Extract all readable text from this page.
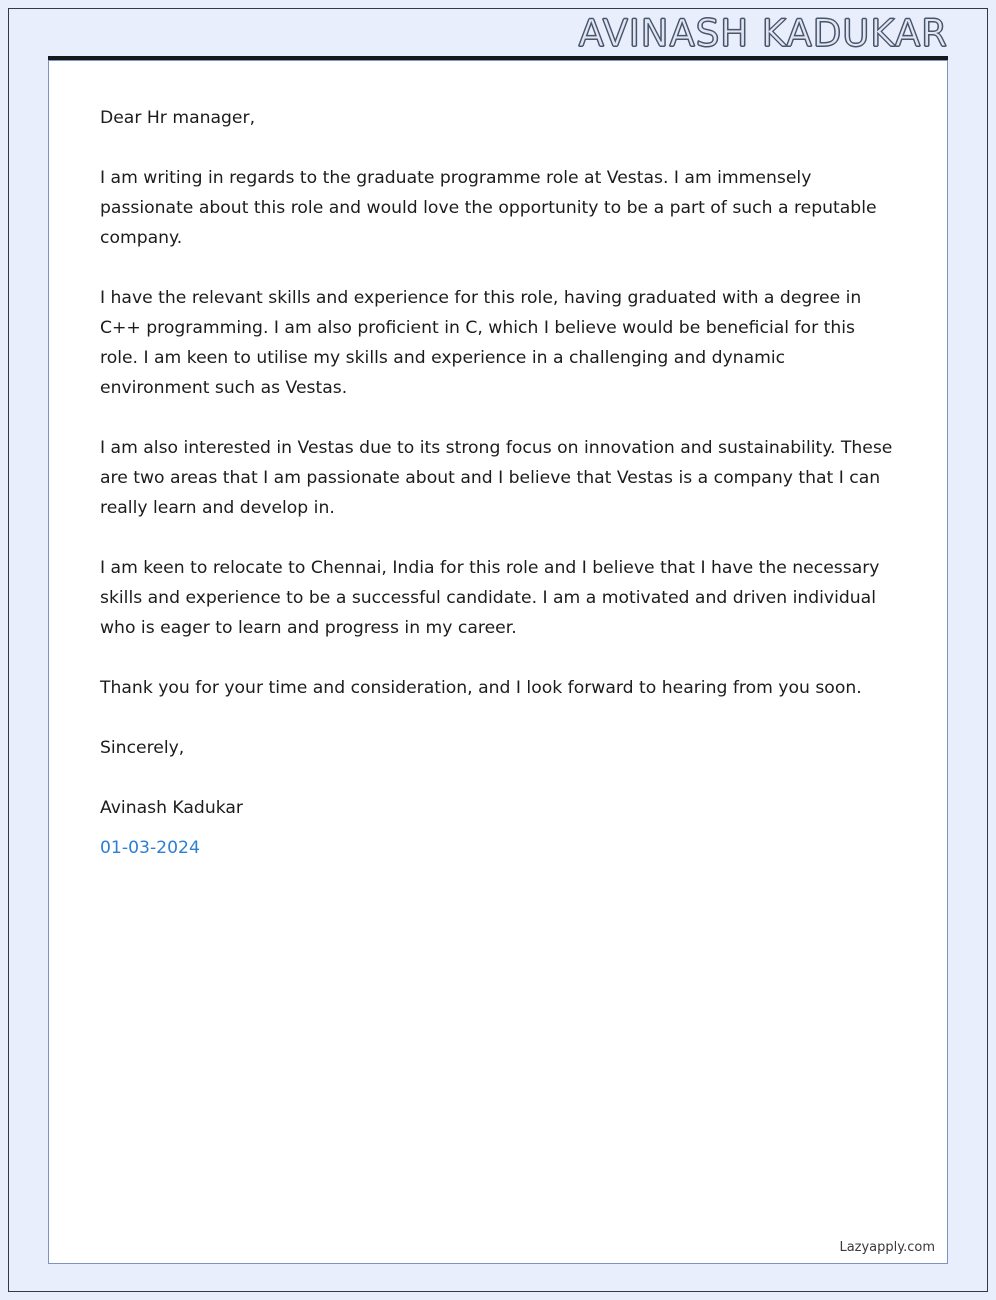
AVINASH KADUKAR

Dear Hr manager,

I am writing in regards to the graduate programme role at Vestas. I am immensely passionate about this role and would love the opportunity to be a part of such a reputable company.

I have the relevant skills and experience for this role, having graduated with a degree in C++ programming. I am also proficient in C, which I believe would be beneficial for this role. I am keen to utilise my skills and experience in a challenging and dynamic environment such as Vestas.

I am also interested in Vestas due to its strong focus on innovation and sustainability. These are two areas that I am passionate about and I believe that Vestas is a company that I can really learn and develop in.

I am keen to relocate to Chennai, India for this role and I believe that I have the necessary skills and experience to be a successful candidate. I am a motivated and driven individual who is eager to learn and progress in my career.

Thank you for your time and consideration, and I look forward to hearing from you soon.

Sincerely,

Avinash Kadukar

01-03-2024

Lazyapply.com
